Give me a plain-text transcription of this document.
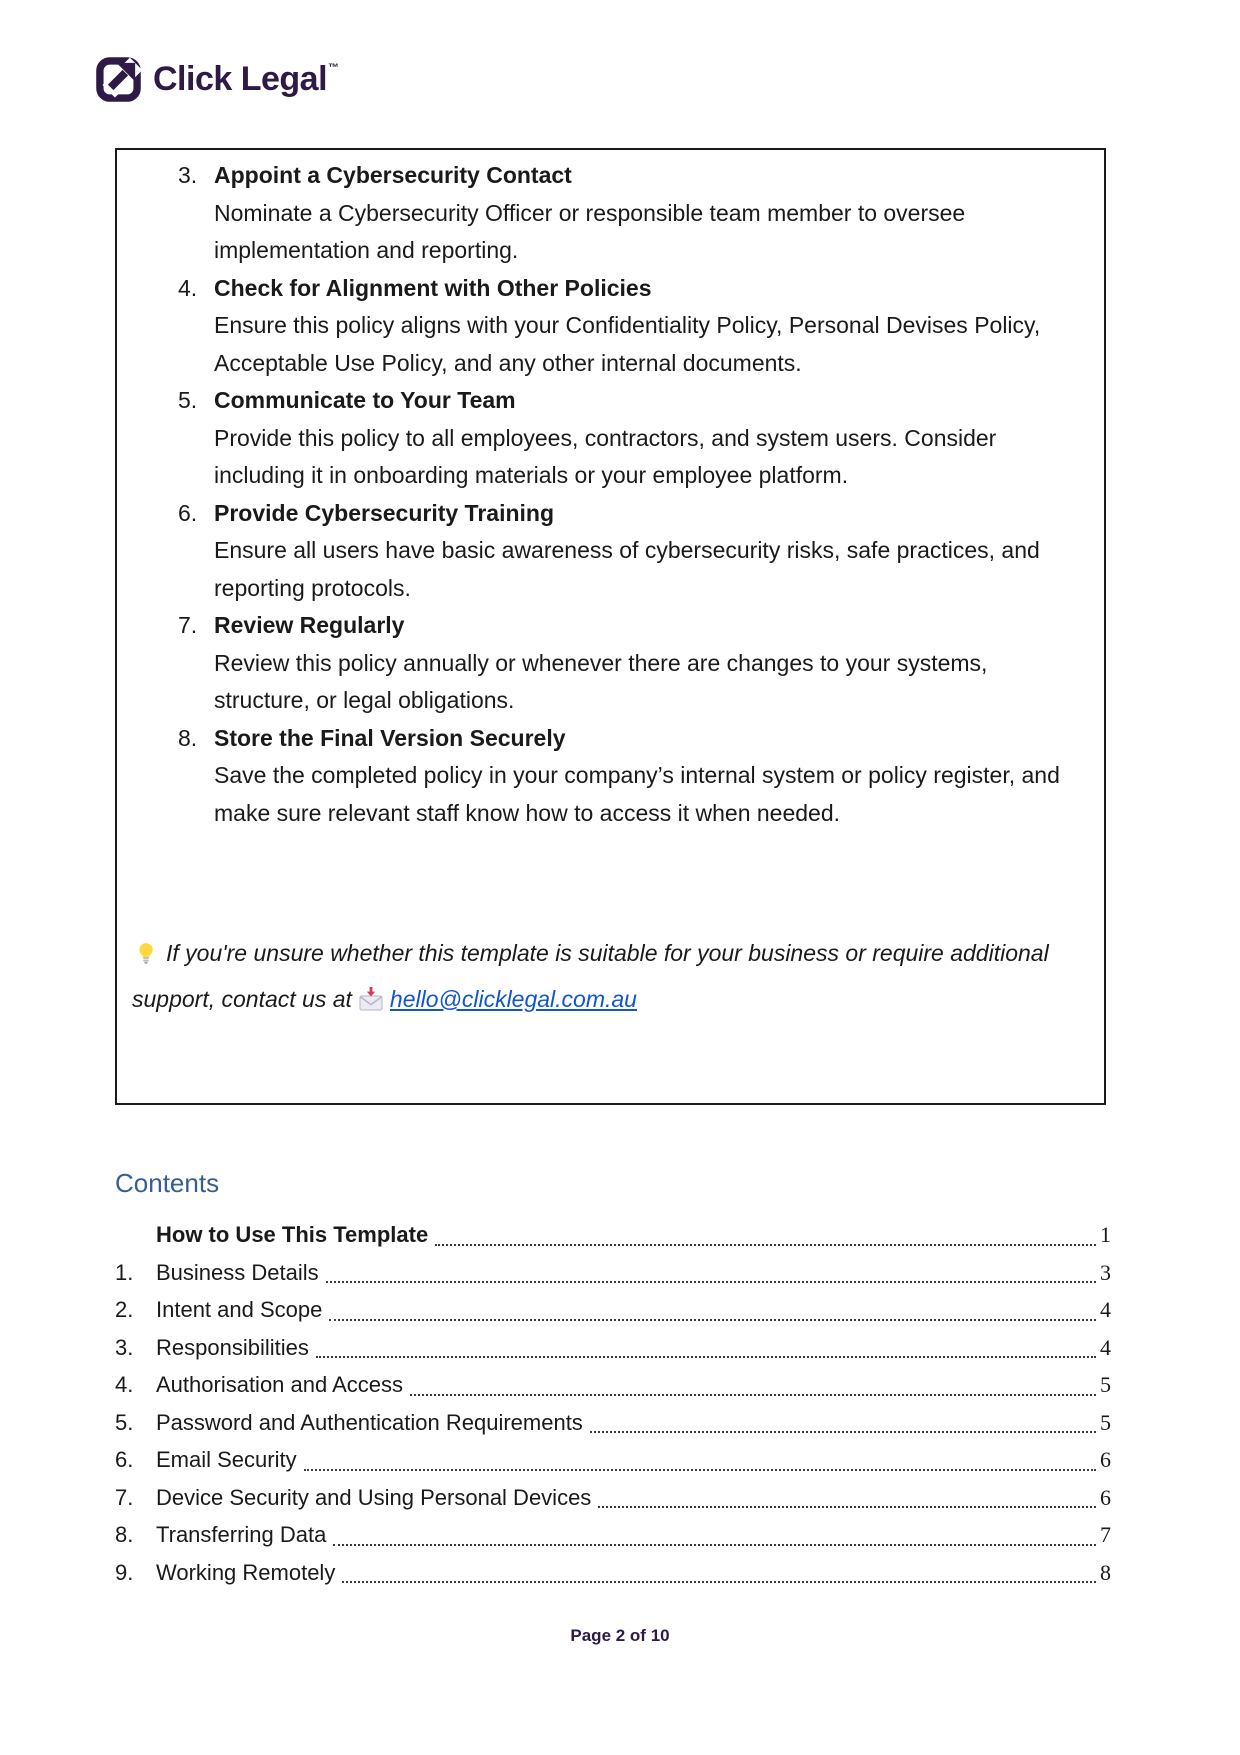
Click Legal ™
3. Appoint a Cybersecurity Contact
Nominate a Cybersecurity Officer or responsible team member to oversee implementation and reporting.
4. Check for Alignment with Other Policies
Ensure this policy aligns with your Confidentiality Policy, Personal Devises Policy, Acceptable Use Policy, and any other internal documents.
5. Communicate to Your Team
Provide this policy to all employees, contractors, and system users. Consider including it in onboarding materials or your employee platform.
6. Provide Cybersecurity Training
Ensure all users have basic awareness of cybersecurity risks, safe practices, and reporting protocols.
7. Review Regularly
Review this policy annually or whenever there are changes to your systems, structure, or legal obligations.
8. Store the Final Version Securely
Save the completed policy in your company’s internal system or policy register, and make sure relevant staff know how to access it when needed.

If you're unsure whether this template is suitable for your business or require additional support, contact us at hello@clicklegal.com.au

Contents
How to Use This Template	1
1.	Business Details	3
2.	Intent and Scope	4
3.	Responsibilities	4
4.	Authorisation and Access	5
5.	Password and Authentication Requirements	5
6.	Email Security	6
7.	Device Security and Using Personal Devices	6
8.	Transferring Data	7
9.	Working Remotely	8
Page 2 of 10
